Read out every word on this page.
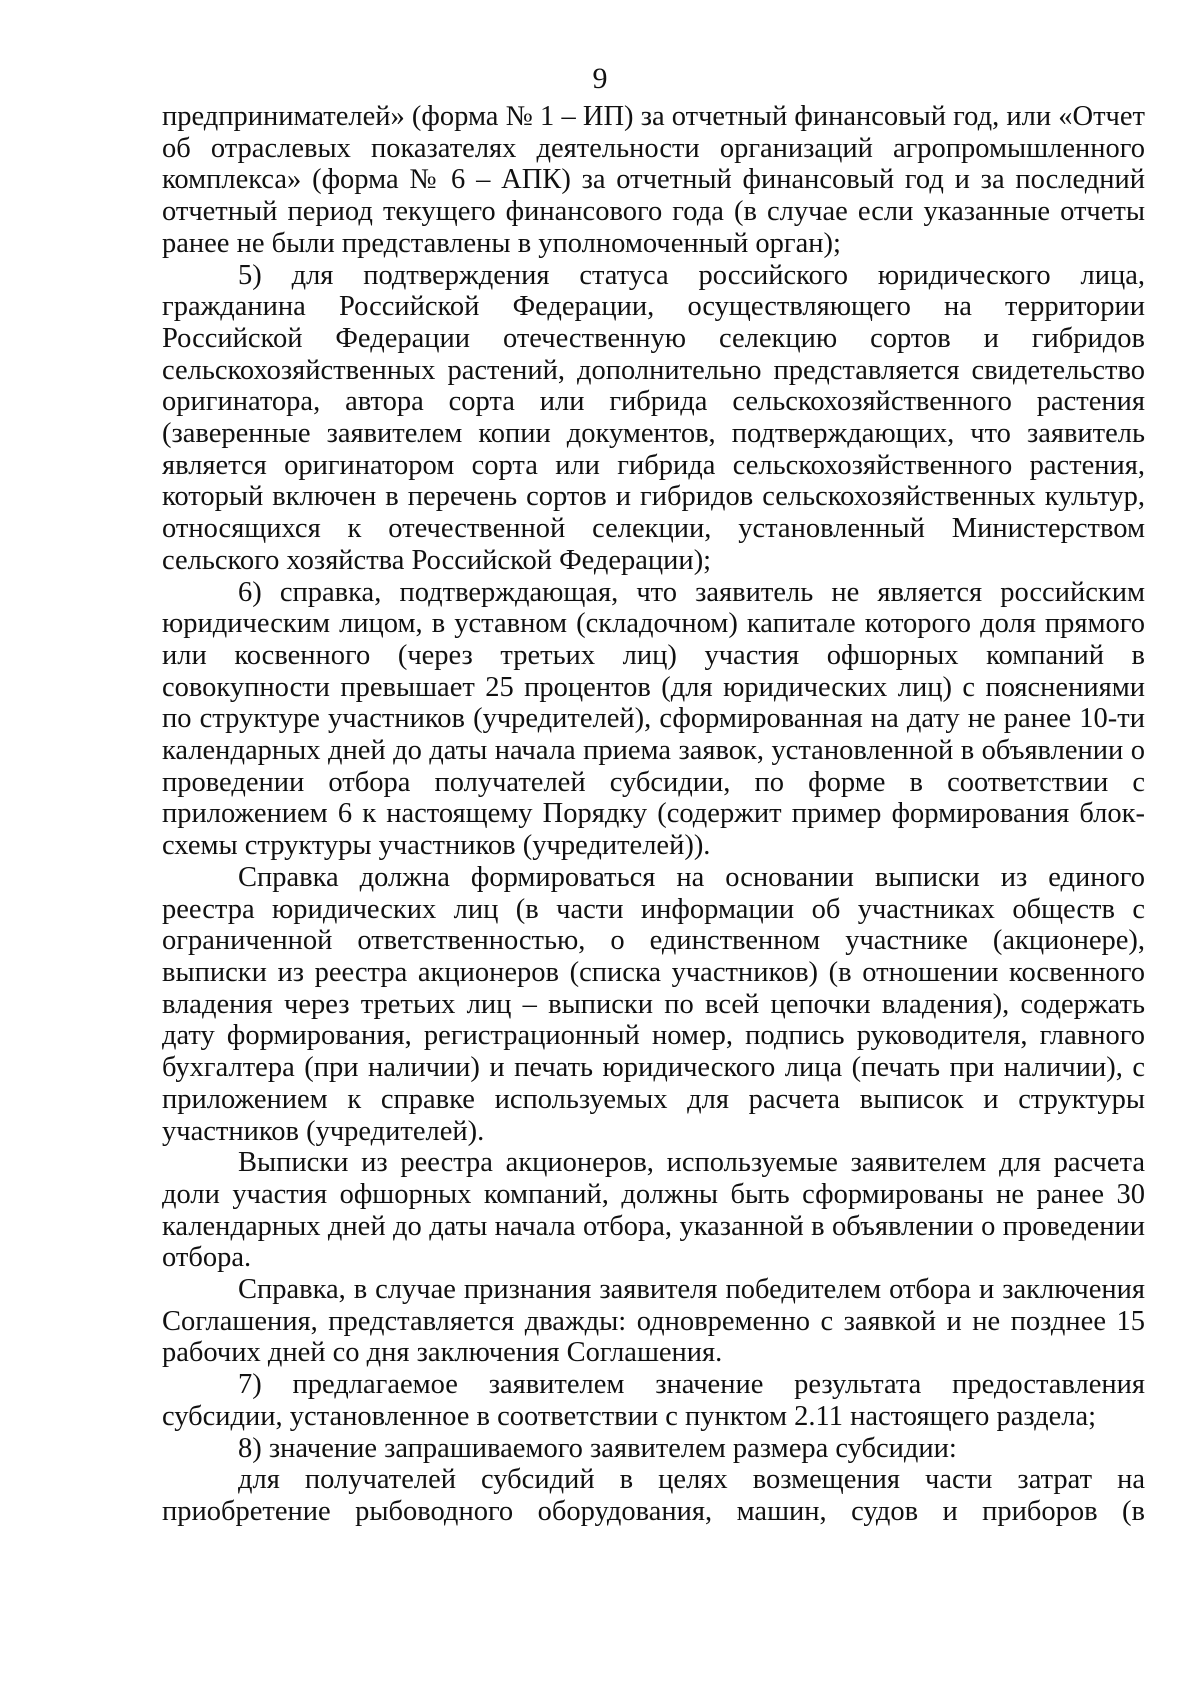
9

предпринимателей» (форма № 1 – ИП) за отчетный финансовый год, или «Отчет об отраслевых показателях деятельности организаций агропромышленного комплекса» (форма № 6 – АПК) за отчетный финансовый год и за последний отчетный период текущего финансового года (в случае если указанные отчеты ранее не были представлены в уполномоченный орган);

5) для подтверждения статуса российского юридического лица, гражданина Российской Федерации, осуществляющего на территории Российской Федерации отечественную селекцию сортов и гибридов сельскохозяйственных растений, дополнительно представляется свидетельство оригинатора, автора сорта или гибрида сельскохозяйственного растения (заверенные заявителем копии документов, подтверждающих, что заявитель является оригинатором сорта или гибрида сельскохозяйственного растения, который включен в перечень сортов и гибридов сельскохозяйственных культур, относящихся к отечественной селекции, установленный Министерством сельского хозяйства Российской Федерации);

6) справка, подтверждающая, что заявитель не является российским юридическим лицом, в уставном (складочном) капитале которого доля прямого или косвенного (через третьих лиц) участия офшорных компаний в совокупности превышает 25 процентов (для юридических лиц) с пояснениями по структуре участников (учредителей), сформированная на дату не ранее 10-ти календарных дней до даты начала приема заявок, установленной в объявлении о проведении отбора получателей субсидии, по форме в соответствии с приложением 6 к настоящему Порядку (содержит пример формирования блок-схемы структуры участников (учредителей)).

Справка должна формироваться на основании выписки из единого реестра юридических лиц (в части информации об участниках обществ с ограниченной ответственностью, о единственном участнике (акционере), выписки из реестра акционеров (списка участников) (в отношении косвенного владения через третьих лиц – выписки по всей цепочки владения), содержать дату формирования, регистрационный номер, подпись руководителя, главного бухгалтера (при наличии) и печать юридического лица (печать при наличии), с приложением к справке используемых для расчета выписок и структуры участников (учредителей).

Выписки из реестра акционеров, используемые заявителем для расчета доли участия офшорных компаний, должны быть сформированы не ранее 30 календарных дней до даты начала отбора, указанной в объявлении о проведении отбора.

Справка, в случае признания заявителя победителем отбора и заключения Соглашения, представляется дважды: одновременно с заявкой и не позднее 15 рабочих дней со дня заключения Соглашения.

7) предлагаемое заявителем значение результата предоставления субсидии, установленное в соответствии с пунктом 2.11 настоящего раздела;

8) значение запрашиваемого заявителем размера субсидии:

для получателей субсидий в целях возмещения части затрат на приобретение рыбоводного оборудования, машин, судов и приборов (в
